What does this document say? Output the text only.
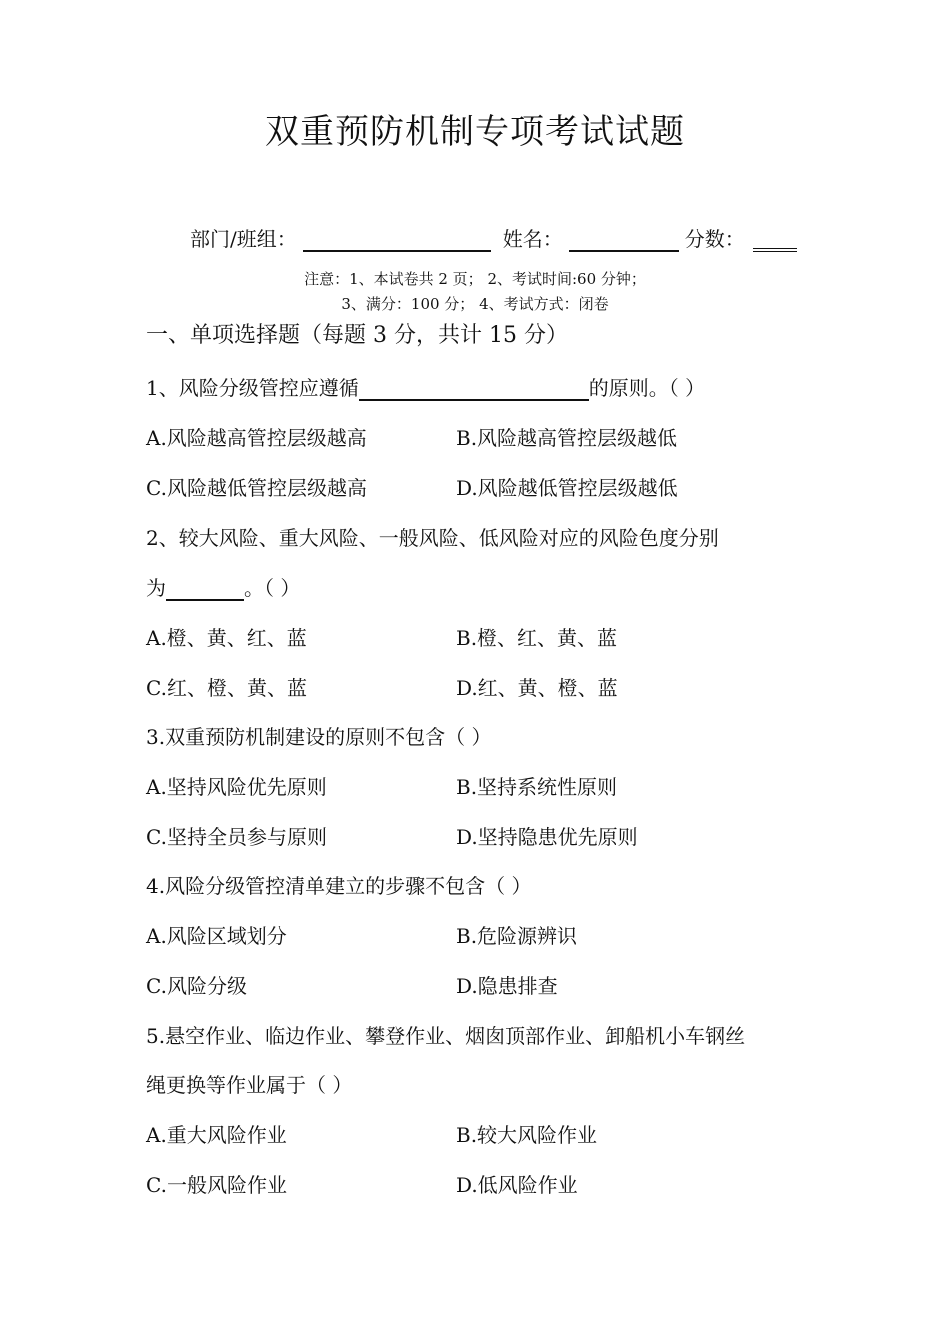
双重预防机制专项考试试题
部门/班组：	姓名：	分数：
注意：1、本试卷共 2 页； 2、考试时间:60 分钟；
3、满分：100 分； 4、考试方式：闭卷
一、单项选择题（每题 3 分，共计 15 分）
1、风险分级管控应遵循	的原则。（ ）
A.风险越高管控层级越高	B.风险越高管控层级越低
C.风险越低管控层级越高	D.风险越低管控层级越低
2、较大风险、重大风险、一般风险、低风险对应的风险色度分别
为	。（ ）
A.橙、黄、红、蓝	B.橙、红、黄、蓝
C.红、橙、黄、蓝	D.红、黄、橙、蓝
3.双重预防机制建设的原则不包含（ ）
A.坚持风险优先原则	B.坚持系统性原则
C.坚持全员参与原则	D.坚持隐患优先原则
4.风险分级管控清单建立的步骤不包含（ ）
A.风险区域划分	B.危险源辨识
C.风险分级	D.隐患排查
5.悬空作业、临边作业、攀登作业、烟囱顶部作业、卸船机小车钢丝
绳更换等作业属于（ ）
A.重大风险作业	B.较大风险作业
C.一般风险作业	D.低风险作业
